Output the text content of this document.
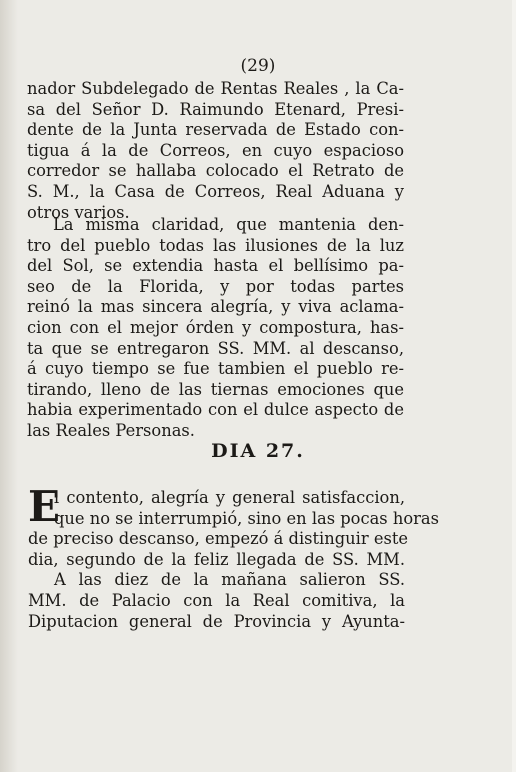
(29)
nador Subdelegado de Rentas Reales , la Ca-
sa del Señor D. Raimundo Etenard, Presi-
dente de la Junta reservada de Estado con-
tigua á la de Correos, en cuyo espacioso
corredor se hallaba colocado el Retrato de
S. M., la Casa de Correos, Real Aduana y
otros varios.
La misma claridad, que mantenia den-
tro del pueblo todas las ilusiones de la luz
del Sol, se extendia hasta el bellísimo pa-
seo de la Florida, y por todas partes
reinó la mas sincera alegría, y viva aclama-
cion con el mejor órden y compostura, has-
ta que se entregaron SS. MM. al descanso,
á cuyo tiempo se fue tambien el pueblo re-
tirando, lleno de las tiernas emociones que
habia experimentado con el dulce aspecto de
las Reales Personas.
DIA 27.
E
l contento, alegría y general satisfaccion,
que no se interrumpió, sino en las pocas horas
de preciso descanso, empezó á distinguir este
dia, segundo de la feliz llegada de SS. MM.
A las diez de la mañana salieron SS.
MM. de Palacio con la Real comitiva, la
Diputacion general de Provincia y Ayunta-
